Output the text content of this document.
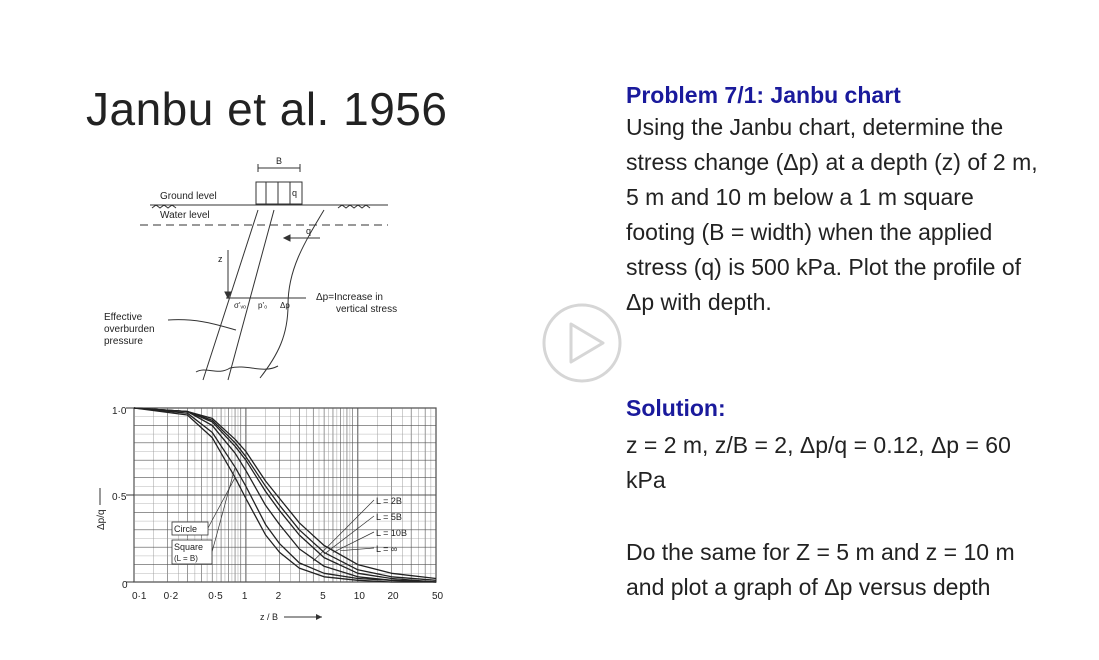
Janbu et al. 1956
B
q
Ground level
Water level
q
z
σ'ᵥₒ p'₀ Δp
Δp=Increase in
vertical stress
Effective
overburden
pressure
Δp/q
1·0
0·5
0
0·1 0·2	0·5 1	2	5	10 20	50
z / B
Circle
Square
(L = B)
L = 2B
L = 5B
L = 10B
L = ∞

Problem 7/1: Janbu chart

Using the Janbu chart, determine the stress change (Δp) at a depth (z) of 2 m, 5 m and 10 m below a 1 m square footing (B = width) when the applied stress (q) is 500 kPa. Plot the profile of Δp with depth.

Solution:
z = 2 m, z/B = 2, Δp/q = 0.12, Δp = 60 kPa
Do the same for Z = 5 m and z = 10 m and plot a graph of Δp versus depth
